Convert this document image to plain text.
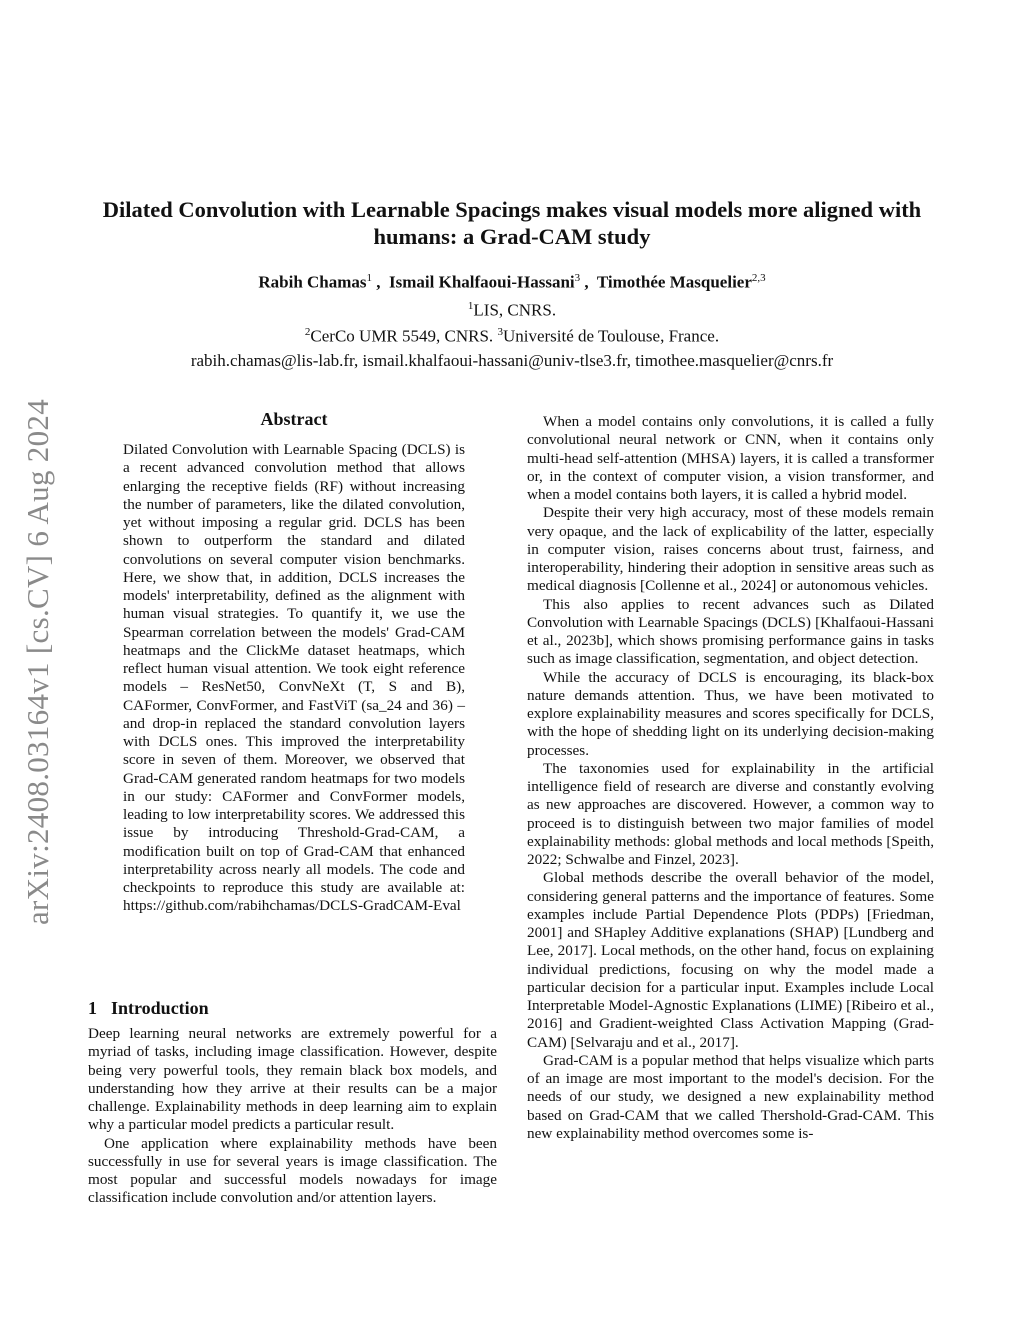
arXiv:2408.03164v1 [cs.CV] 6 Aug 2024
Dilated Convolution with Learnable Spacings makes visual models more aligned with humans: a Grad-CAM study
Rabih Chamas$^1$ ,  Ismail Khalfaoui-Hassani$^3$ ,  Timothée Masquelier$^{2,3}$
$^1$LIS, CNRS.
$^2$CerCo UMR 5549, CNRS. $^3$Université de Toulouse, France.
rabih.chamas@lis-lab.fr, ismail.khalfaoui-hassani@univ-tlse3.fr, timothee.masquelier@cnrs.fr
Abstract
Dilated Convolution with Learnable Spacing (DCLS) is a recent advanced convolution method that allows enlarging the receptive fields (RF) without increasing the number of parameters, like the dilated convolution, yet without imposing a regular grid. DCLS has been shown to outperform the standard and dilated convolutions on several computer vision benchmarks. Here, we show that, in addition, DCLS increases the models' interpretability, defined as the alignment with human visual strategies. To quantify it, we use the Spearman correlation between the models' Grad-CAM heatmaps and the ClickMe dataset heatmaps, which reflect human visual attention. We took eight reference models – ResNet50, ConvNeXt (T, S and B), CAFormer, ConvFormer, and FastViT (sa_24 and 36) – and drop-in replaced the standard convolution layers with DCLS ones. This improved the interpretability score in seven of them. Moreover, we observed that Grad-CAM generated random heatmaps for two models in our study: CAFormer and ConvFormer models, leading to low interpretability scores. We addressed this issue by introducing Threshold-Grad-CAM, a modification built on top of Grad-CAM that enhanced interpretability across nearly all models. The code and checkpoints to reproduce this study are available at: https://github.com/rabihchamas/DCLS-GradCAM-Eval
1 Introduction

Deep learning neural networks are extremely powerful for a myriad of tasks, including image classification. However, despite being very powerful tools, they remain black box models, and understanding how they arrive at their results can be a major challenge. Explainability methods in deep learning aim to explain why a particular model predicts a particular result.

One application where explainability methods have been successfully in use for several years is image classification. The most popular and successful models nowadays for image classification include convolution and/or attention layers.

When a model contains only convolutions, it is called a fully convolutional neural network or CNN, when it contains only multi-head self-attention (MHSA) layers, it is called a transformer or, in the context of computer vision, a vision transformer, and when a model contains both layers, it is called a hybrid model.

Despite their very high accuracy, most of these models remain very opaque, and the lack of explicability of the latter, especially in computer vision, raises concerns about trust, fairness, and interoperability, hindering their adoption in sensitive areas such as medical diagnosis [Collenne et al., 2024] or autonomous vehicles.

This also applies to recent advances such as Dilated Convolution with Learnable Spacings (DCLS) [Khalfaoui-Hassani et al., 2023b], which shows promising performance gains in tasks such as image classification, segmentation, and object detection.

While the accuracy of DCLS is encouraging, its black-box nature demands attention. Thus, we have been motivated to explore explainability measures and scores specifically for DCLS, with the hope of shedding light on its underlying decision-making processes.

The taxonomies used for explainability in the artificial intelligence field of research are diverse and constantly evolving as new approaches are discovered. However, a common way to proceed is to distinguish between two major families of model explainability methods: global methods and local methods [Speith, 2022; Schwalbe and Finzel, 2023].

Global methods describe the overall behavior of the model, considering general patterns and the importance of features. Some examples include Partial Dependence Plots (PDPs) [Friedman, 2001] and SHapley Additive explanations (SHAP) [Lundberg and Lee, 2017]. Local methods, on the other hand, focus on explaining individual predictions, focusing on why the model made a particular decision for a particular input. Examples include Local Interpretable Model-Agnostic Explanations (LIME) [Ribeiro et al., 2016] and Gradient-weighted Class Activation Mapping (Grad-CAM) [Selvaraju and et al., 2017].

Grad-CAM is a popular method that helps visualize which parts of an image are most important to the model's decision. For the needs of our study, we designed a new explainability method based on Grad-CAM that we called Thershold-Grad-CAM. This new explainability method overcomes some is-
